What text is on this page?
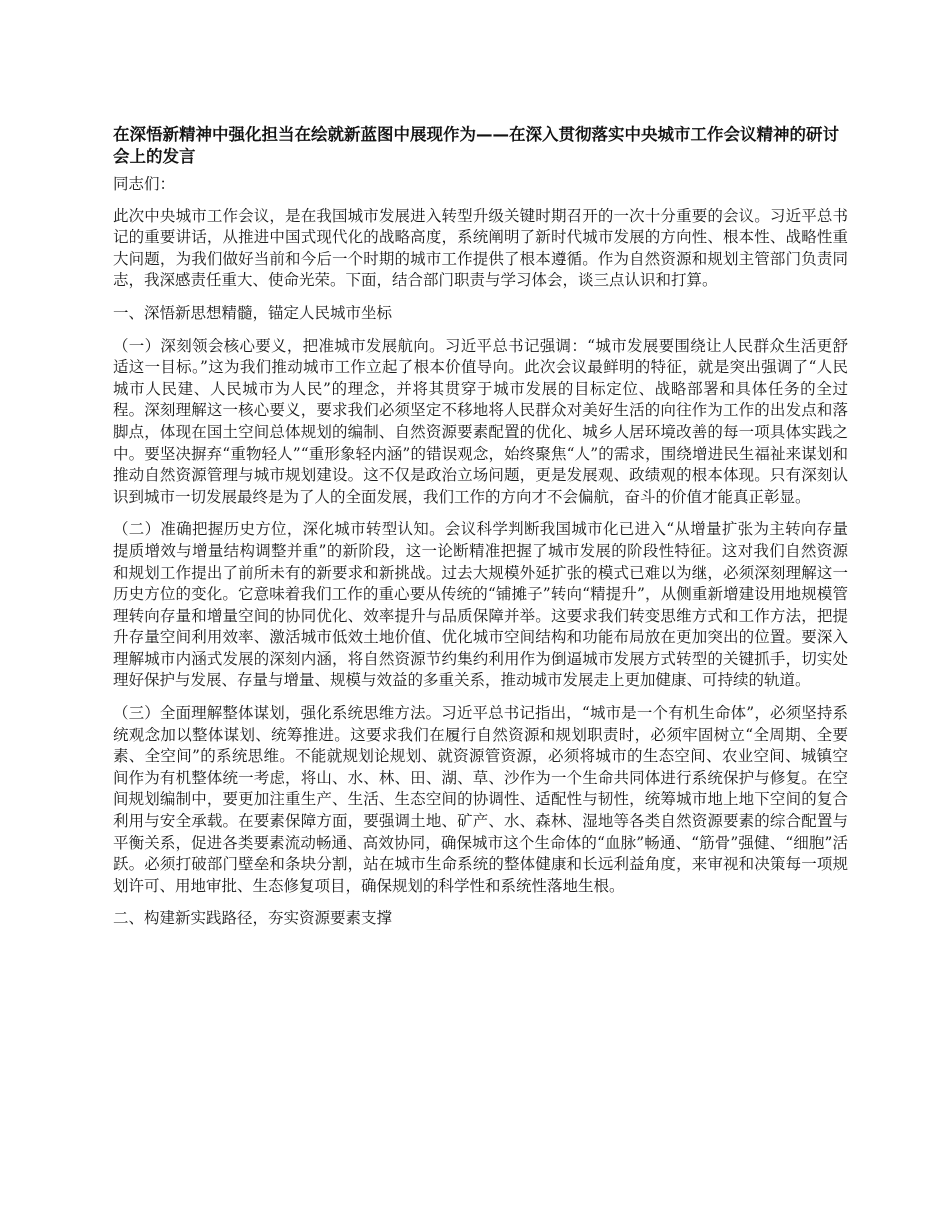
在深悟新精神中强化担当在绘就新蓝图中展现作为——在深入贯彻落实中央城市工作会议精神的研讨会上的发言

同志们：

此次中央城市工作会议，是在我国城市发展进入转型升级关键时期召开的一次十分重要的会议。习近平总书记的重要讲话，从推进中国式现代化的战略高度，系统阐明了新时代城市发展的方向性、根本性、战略性重大问题，为我们做好当前和今后一个时期的城市工作提供了根本遵循。作为自然资源和规划主管部门负责同志，我深感责任重大、使命光荣。下面，结合部门职责与学习体会，谈三点认识和打算。

一、深悟新思想精髓，锚定人民城市坐标

（一）深刻领会核心要义，把准城市发展航向。习近平总书记强调：“城市发展要围绕让人民群众生活更舒适这一目标。”这为我们推动城市工作立起了根本价值导向。此次会议最鲜明的特征，就是突出强调了“人民城市人民建、人民城市为人民”的理念，并将其贯穿于城市发展的目标定位、战略部署和具体任务的全过程。深刻理解这一核心要义，要求我们必须坚定不移地将人民群众对美好生活的向往作为工作的出发点和落脚点，体现在国土空间总体规划的编制、自然资源要素配置的优化、城乡人居环境改善的每一项具体实践之中。要坚决摒弃“重物轻人”“重形象轻内涵”的错误观念，始终聚焦“人”的需求，围绕增进民生福祉来谋划和推动自然资源管理与城市规划建设。这不仅是政治立场问题，更是发展观、政绩观的根本体现。只有深刻认识到城市一切发展最终是为了人的全面发展，我们工作的方向才不会偏航，奋斗的价值才能真正彰显。

（二）准确把握历史方位，深化城市转型认知。会议科学判断我国城市化已进入“从增量扩张为主转向存量提质增效与增量结构调整并重”的新阶段，这一论断精准把握了城市发展的阶段性特征。这对我们自然资源和规划工作提出了前所未有的新要求和新挑战。过去大规模外延扩张的模式已难以为继，必须深刻理解这一历史方位的变化。它意味着我们工作的重心要从传统的“铺摊子”转向“精提升”，从侧重新增建设用地规模管理转向存量和增量空间的协同优化、效率提升与品质保障并举。这要求我们转变思维方式和工作方法，把提升存量空间利用效率、激活城市低效土地价值、优化城市空间结构和功能布局放在更加突出的位置。要深入理解城市内涵式发展的深刻内涵，将自然资源节约集约利用作为倒逼城市发展方式转型的关键抓手，切实处理好保护与发展、存量与增量、规模与效益的多重关系，推动城市发展走上更加健康、可持续的轨道。

（三）全面理解整体谋划，强化系统思维方法。习近平总书记指出，“城市是一个有机生命体”，必须坚持系统观念加以整体谋划、统筹推进。这要求我们在履行自然资源和规划职责时，必须牢固树立“全周期、全要素、全空间”的系统思维。不能就规划论规划、就资源管资源，必须将城市的生态空间、农业空间、城镇空间作为有机整体统一考虑，将山、水、林、田、湖、草、沙作为一个生命共同体进行系统保护与修复。在空间规划编制中，要更加注重生产、生活、生态空间的协调性、适配性与韧性，统筹城市地上地下空间的复合利用与安全承载。在要素保障方面，要强调土地、矿产、水、森林、湿地等各类自然资源要素的综合配置与平衡关系，促进各类要素流动畅通、高效协同，确保城市这个生命体的“血脉”畅通、“筋骨”强健、“细胞”活跃。必须打破部门壁垒和条块分割，站在城市生命系统的整体健康和长远利益角度，来审视和决策每一项规划许可、用地审批、生态修复项目，确保规划的科学性和系统性落地生根。

二、构建新实践路径，夯实资源要素支撑
